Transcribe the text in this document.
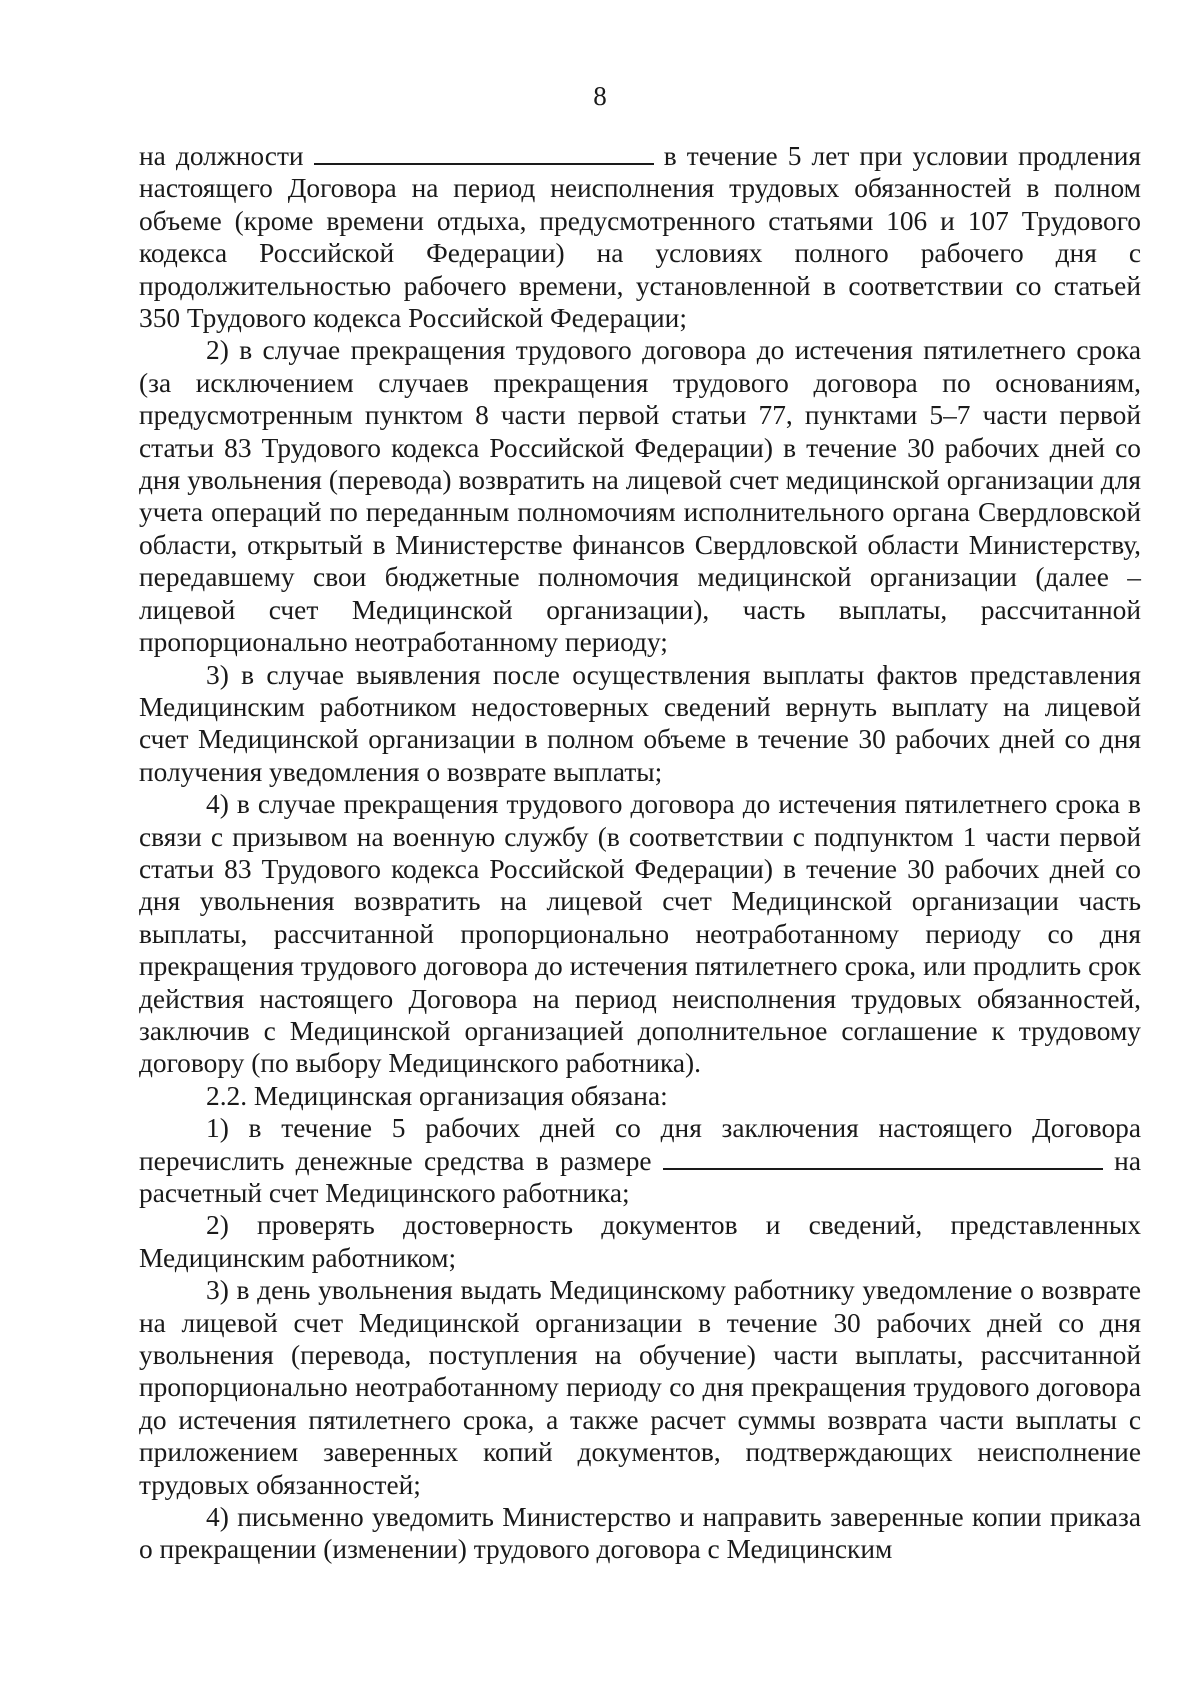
8

на должности	в течение 5 лет при условии продления настоящего Договора на период неисполнения трудовых обязанностей в полном объеме (кроме времени отдыха, предусмотренного статьями 106 и 107 Трудового кодекса Российской Федерации) на условиях полного рабочего дня с продолжительностью рабочего времени, установленной в соответствии со статьей 350 Трудового кодекса Российской Федерации;

2) в случае прекращения трудового договора до истечения пятилетнего срока (за исключением случаев прекращения трудового договора по основаниям, предусмотренным пунктом 8 части первой статьи 77, пунктами 5–7 части первой статьи 83 Трудового кодекса Российской Федерации) в течение 30 рабочих дней со дня увольнения (перевода) возвратить на лицевой счет медицинской организации для учета операций по переданным полномочиям исполнительного органа Свердловской области, открытый в Министерстве финансов Свердловской области Министерству, передавшему свои бюджетные полномочия медицинской организации (далее – лицевой счет Медицинской организации), часть выплаты, рассчитанной пропорционально неотработанному периоду;

3) в случае выявления после осуществления выплаты фактов представления Медицинским работником недостоверных сведений вернуть выплату на лицевой счет Медицинской организации в полном объеме в течение 30 рабочих дней со дня получения уведомления о возврате выплаты;

4) в случае прекращения трудового договора до истечения пятилетнего срока в связи с призывом на военную службу (в соответствии с подпунктом 1 части первой статьи 83 Трудового кодекса Российской Федерации) в течение 30 рабочих дней со дня увольнения возвратить на лицевой счет Медицинской организации часть выплаты, рассчитанной пропорционально неотработанному периоду со дня прекращения трудового договора до истечения пятилетнего срока, или продлить срок действия настоящего Договора на период неисполнения трудовых обязанностей, заключив с Медицинской организацией дополнительное соглашение к трудовому договору (по выбору Медицинского работника).

2.2. Медицинская организация обязана:

1) в течение 5 рабочих дней со дня заключения настоящего Договора перечислить денежные средства в размере	на расчетный счет Медицинского работника;

2) проверять достоверность документов и сведений, представленных Медицинским работником;

3) в день увольнения выдать Медицинскому работнику уведомление о возврате на лицевой счет Медицинской организации в течение 30 рабочих дней со дня увольнения (перевода, поступления на обучение) части выплаты, рассчитанной пропорционально неотработанному периоду со дня прекращения трудового договора до истечения пятилетнего срока, а также расчет суммы возврата части выплаты с приложением заверенных копий документов, подтверждающих неисполнение трудовых обязанностей;

4) письменно уведомить Министерство и направить заверенные копии приказа о прекращении (изменении) трудового договора с Медицинским
